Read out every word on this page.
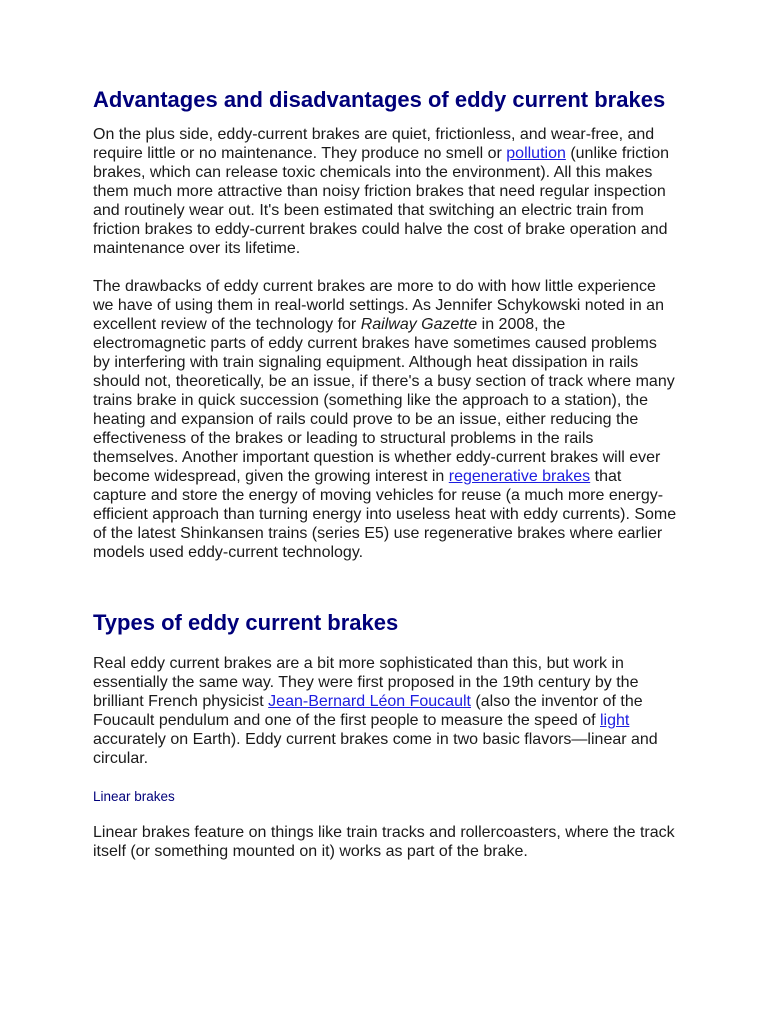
Advantages and disadvantages of eddy current brakes

On the plus side, eddy-current brakes are quiet, frictionless, and wear-free, and require little or no maintenance. They produce no smell or pollution (unlike friction brakes, which can release toxic chemicals into the environment). All this makes them much more attractive than noisy friction brakes that need regular inspection and routinely wear out. It's been estimated that switching an electric train from friction brakes to eddy-current brakes could halve the cost of brake operation and maintenance over its lifetime.

The drawbacks of eddy current brakes are more to do with how little experience we have of using them in real-world settings. As Jennifer Schykowski noted in an excellent review of the technology for Railway Gazette in 2008, the electromagnetic parts of eddy current brakes have sometimes caused problems by interfering with train signaling equipment. Although heat dissipation in rails should not, theoretically, be an issue, if there's a busy section of track where many trains brake in quick succession (something like the approach to a station), the heating and expansion of rails could prove to be an issue, either reducing the effectiveness of the brakes or leading to structural problems in the rails themselves. Another important question is whether eddy-current brakes will ever become widespread, given the growing interest in regenerative brakes that capture and store the energy of moving vehicles for reuse (a much more energy-efficient approach than turning energy into useless heat with eddy currents). Some of the latest Shinkansen trains (series E5) use regenerative brakes where earlier models used eddy-current technology.

Types of eddy current brakes

Real eddy current brakes are a bit more sophisticated than this, but work in essentially the same way. They were first proposed in the 19th century by the brilliant French physicist Jean-Bernard Léon Foucault (also the inventor of the Foucault pendulum and one of the first people to measure the speed of light accurately on Earth). Eddy current brakes come in two basic flavors—linear and circular.

Linear brakes

Linear brakes feature on things like train tracks and rollercoasters, where the track itself (or something mounted on it) works as part of the brake.
